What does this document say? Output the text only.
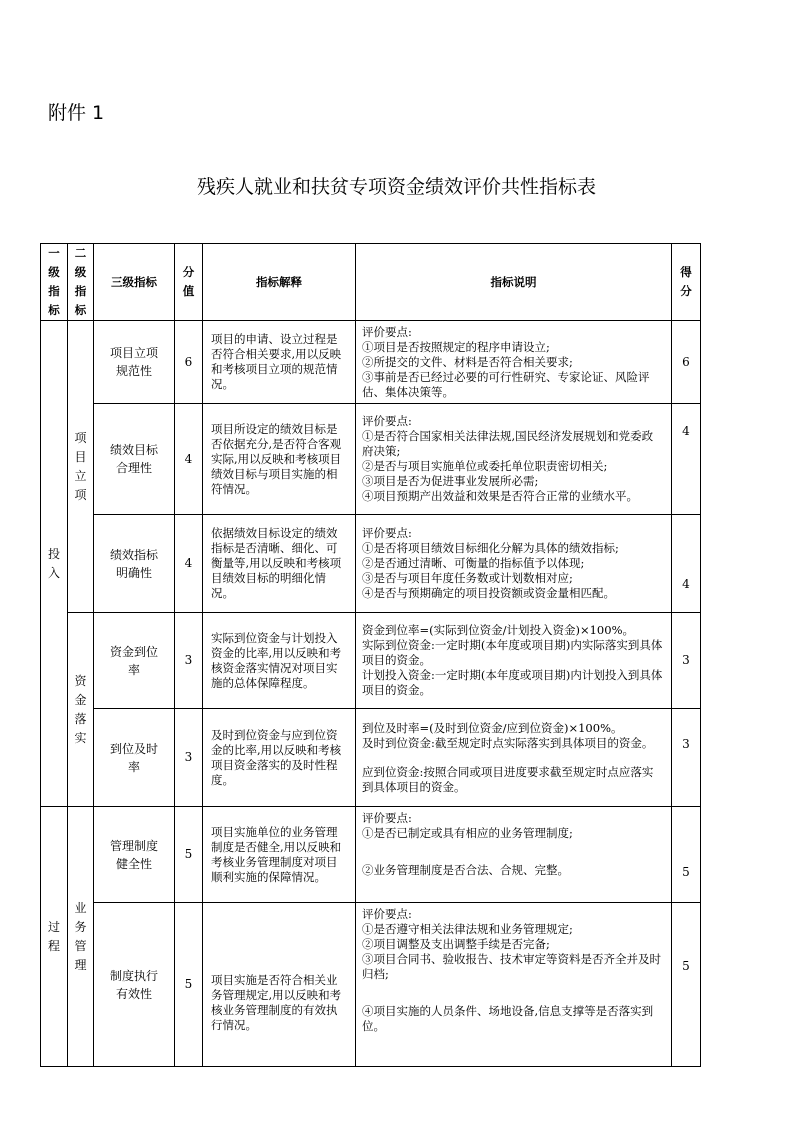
附件 1
残疾人就业和扶贫专项资金绩效评价共性指标表
一级指标	二级指标	三级指标	分值	指标解释	指标说明	得分
投入	项目立项	项目立项规范性	6	项目的申请、设立过程是否符合相关要求,用以反映和考核项目立项的规范情况。	评价要点:
①项目是否按照规定的程序申请设立;
②所提交的文件、材料是否符合相关要求;
③事前是否已经过必要的可行性研究、专家论证、风险评估、集体决策等。	6
		绩效目标合理性	4	项目所设定的绩效目标是否依据充分,是否符合客观实际,用以反映和考核项目绩效目标与项目实施的相符情况。	评价要点:
①是否符合国家相关法律法规,国民经济发展规划和党委政府决策;
②是否与项目实施单位或委托单位职责密切相关;
③项目是否为促进事业发展所必需;
④项目预期产出效益和效果是否符合正常的业绩水平。	4
		绩效指标明确性	4	依据绩效目标设定的绩效指标是否清晰、细化、可衡量等,用以反映和考核项目绩效目标的明细化情况。	评价要点:
①是否将项目绩效目标细化分解为具体的绩效指标;
②是否通过清晰、可衡量的指标值予以体现;
③是否与项目年度任务数或计划数相对应;
④是否与预期确定的项目投资额或资金量相匹配。	4
	资金落实	资金到位率	3	实际到位资金与计划投入资金的比率,用以反映和考核资金落实情况对项目实施的总体保障程度。	资金到位率=(实际到位资金/计划投入资金)×100%。
实际到位资金:一定时期(本年度或项目期)内实际落实到具体项目的资金。
计划投入资金:一定时期(本年度或项目期)内计划投入到具体项目的资金。	3
		到位及时率	3	及时到位资金与应到位资金的比率,用以反映和考核项目资金落实的及时性程度。	到位及时率=(及时到位资金/应到位资金)×100%。
及时到位资金:截至规定时点实际落实到具体项目的资金。
应到位资金:按照合同或项目进度要求截至规定时点应落实到具体项目的资金。	3
过程	业务管理	管理制度健全性	5	项目实施单位的业务管理制度是否健全,用以反映和考核业务管理制度对项目顺利实施的保障情况。	评价要点:
①是否已制定或具有相应的业务管理制度;
②业务管理制度是否合法、合规、完整。	5
		制度执行有效性	5	项目实施是否符合相关业务管理规定,用以反映和考核业务管理制度的有效执行情况。	评价要点:
①是否遵守相关法律法规和业务管理规定;
②项目调整及支出调整手续是否完备;
③项目合同书、验收报告、技术审定等资料是否齐全并及时归档;
④项目实施的人员条件、场地设备,信息支撑等是否落实到位。	5
